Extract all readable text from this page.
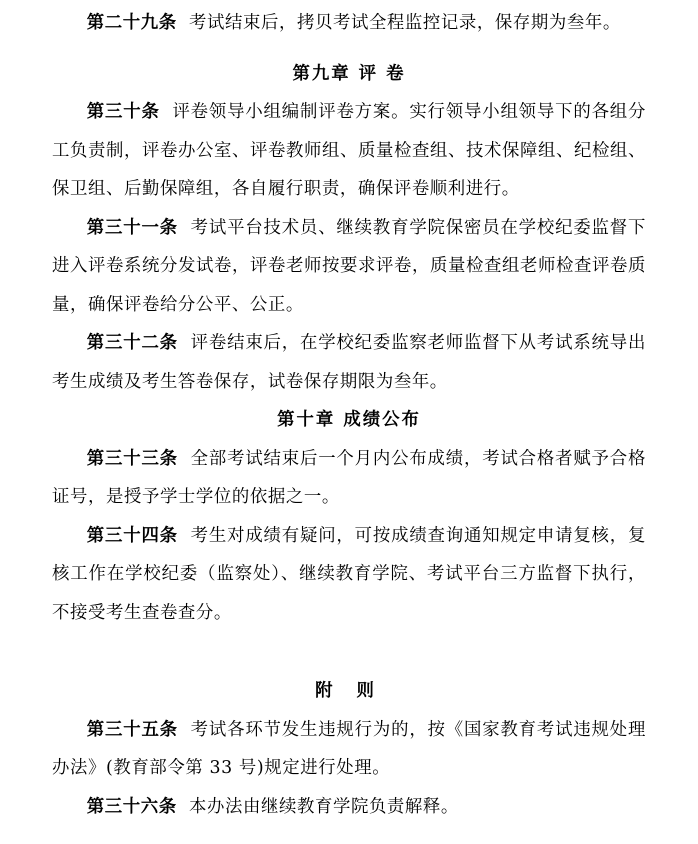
第二十九条 考试结束后，拷贝考试全程监控记录，保存期为叁年。

第九章 评 卷

第三十条 评卷领导小组编制评卷方案。实行领导小组领导下的各组分工负责制，评卷办公室、评卷教师组、质量检查组、技术保障组、纪检组、保卫组、后勤保障组，各自履行职责，确保评卷顺利进行。

第三十一条 考试平台技术员、继续教育学院保密员在学校纪委监督下进入评卷系统分发试卷，评卷老师按要求评卷，质量检查组老师检查评卷质量，确保评卷给分公平、公正。

第三十二条 评卷结束后，在学校纪委监察老师监督下从考试系统导出考生成绩及考生答卷保存，试卷保存期限为叁年。

第十章 成绩公布

第三十三条 全部考试结束后一个月内公布成绩，考试合格者赋予合格证号，是授予学士学位的依据之一。

第三十四条 考生对成绩有疑问，可按成绩查询通知规定申请复核，复核工作在学校纪委（监察处）、继续教育学院、考试平台三方监督下执行，不接受考生查卷查分。

附 则

第三十五条 考试各环节发生违规行为的，按《国家教育考试违规处理办法》(教育部令第 33 号)规定进行处理。

第三十六条 本办法由继续教育学院负责解释。
